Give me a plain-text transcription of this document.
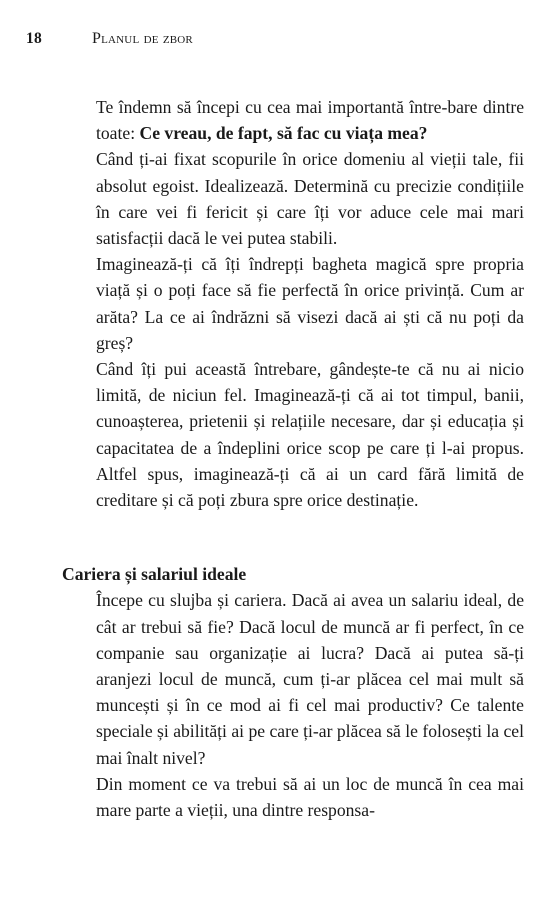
18	Planul de zbor

Te îndemn să începi cu cea mai importantă între-bare dintre toate: Ce vreau, de fapt, să fac cu viața mea?

Când ți-ai fixat scopurile în orice domeniu al vieții tale, fii absolut egoist. Idealizează. Determină cu precizie condițiile în care vei fi fericit și care îți vor aduce cele mai mari satisfacții dacă le vei putea stabili.

Imaginează-ți că îți îndrepți bagheta magică spre propria viață și o poți face să fie perfectă în orice privință. Cum ar arăta? La ce ai îndrăzni să visezi dacă ai ști că nu poți da greș?

Când îți pui această întrebare, gândește-te că nu ai nicio limită, de niciun fel. Imaginează-ți că ai tot timpul, banii, cunoașterea, prietenii și relațiile necesare, dar și educația și capacitatea de a îndeplini orice scop pe care ți l-ai propus. Altfel spus, imaginează-ți că ai un card fără limită de creditare și că poți zbura spre orice destinație.

Cariera și salariul ideale

Începe cu slujba și cariera. Dacă ai avea un salariu ideal, de cât ar trebui să fie? Dacă locul de muncă ar fi perfect, în ce companie sau organizație ai lucra? Dacă ai putea să-ți aranjezi locul de muncă, cum ți-ar plăcea cel mai mult să muncești și în ce mod ai fi cel mai productiv? Ce talente speciale și abilități ai pe care ți-ar plăcea să le folosești la cel mai înalt nivel?

Din moment ce va trebui să ai un loc de muncă în cea mai mare parte a vieții, una dintre responsa-
